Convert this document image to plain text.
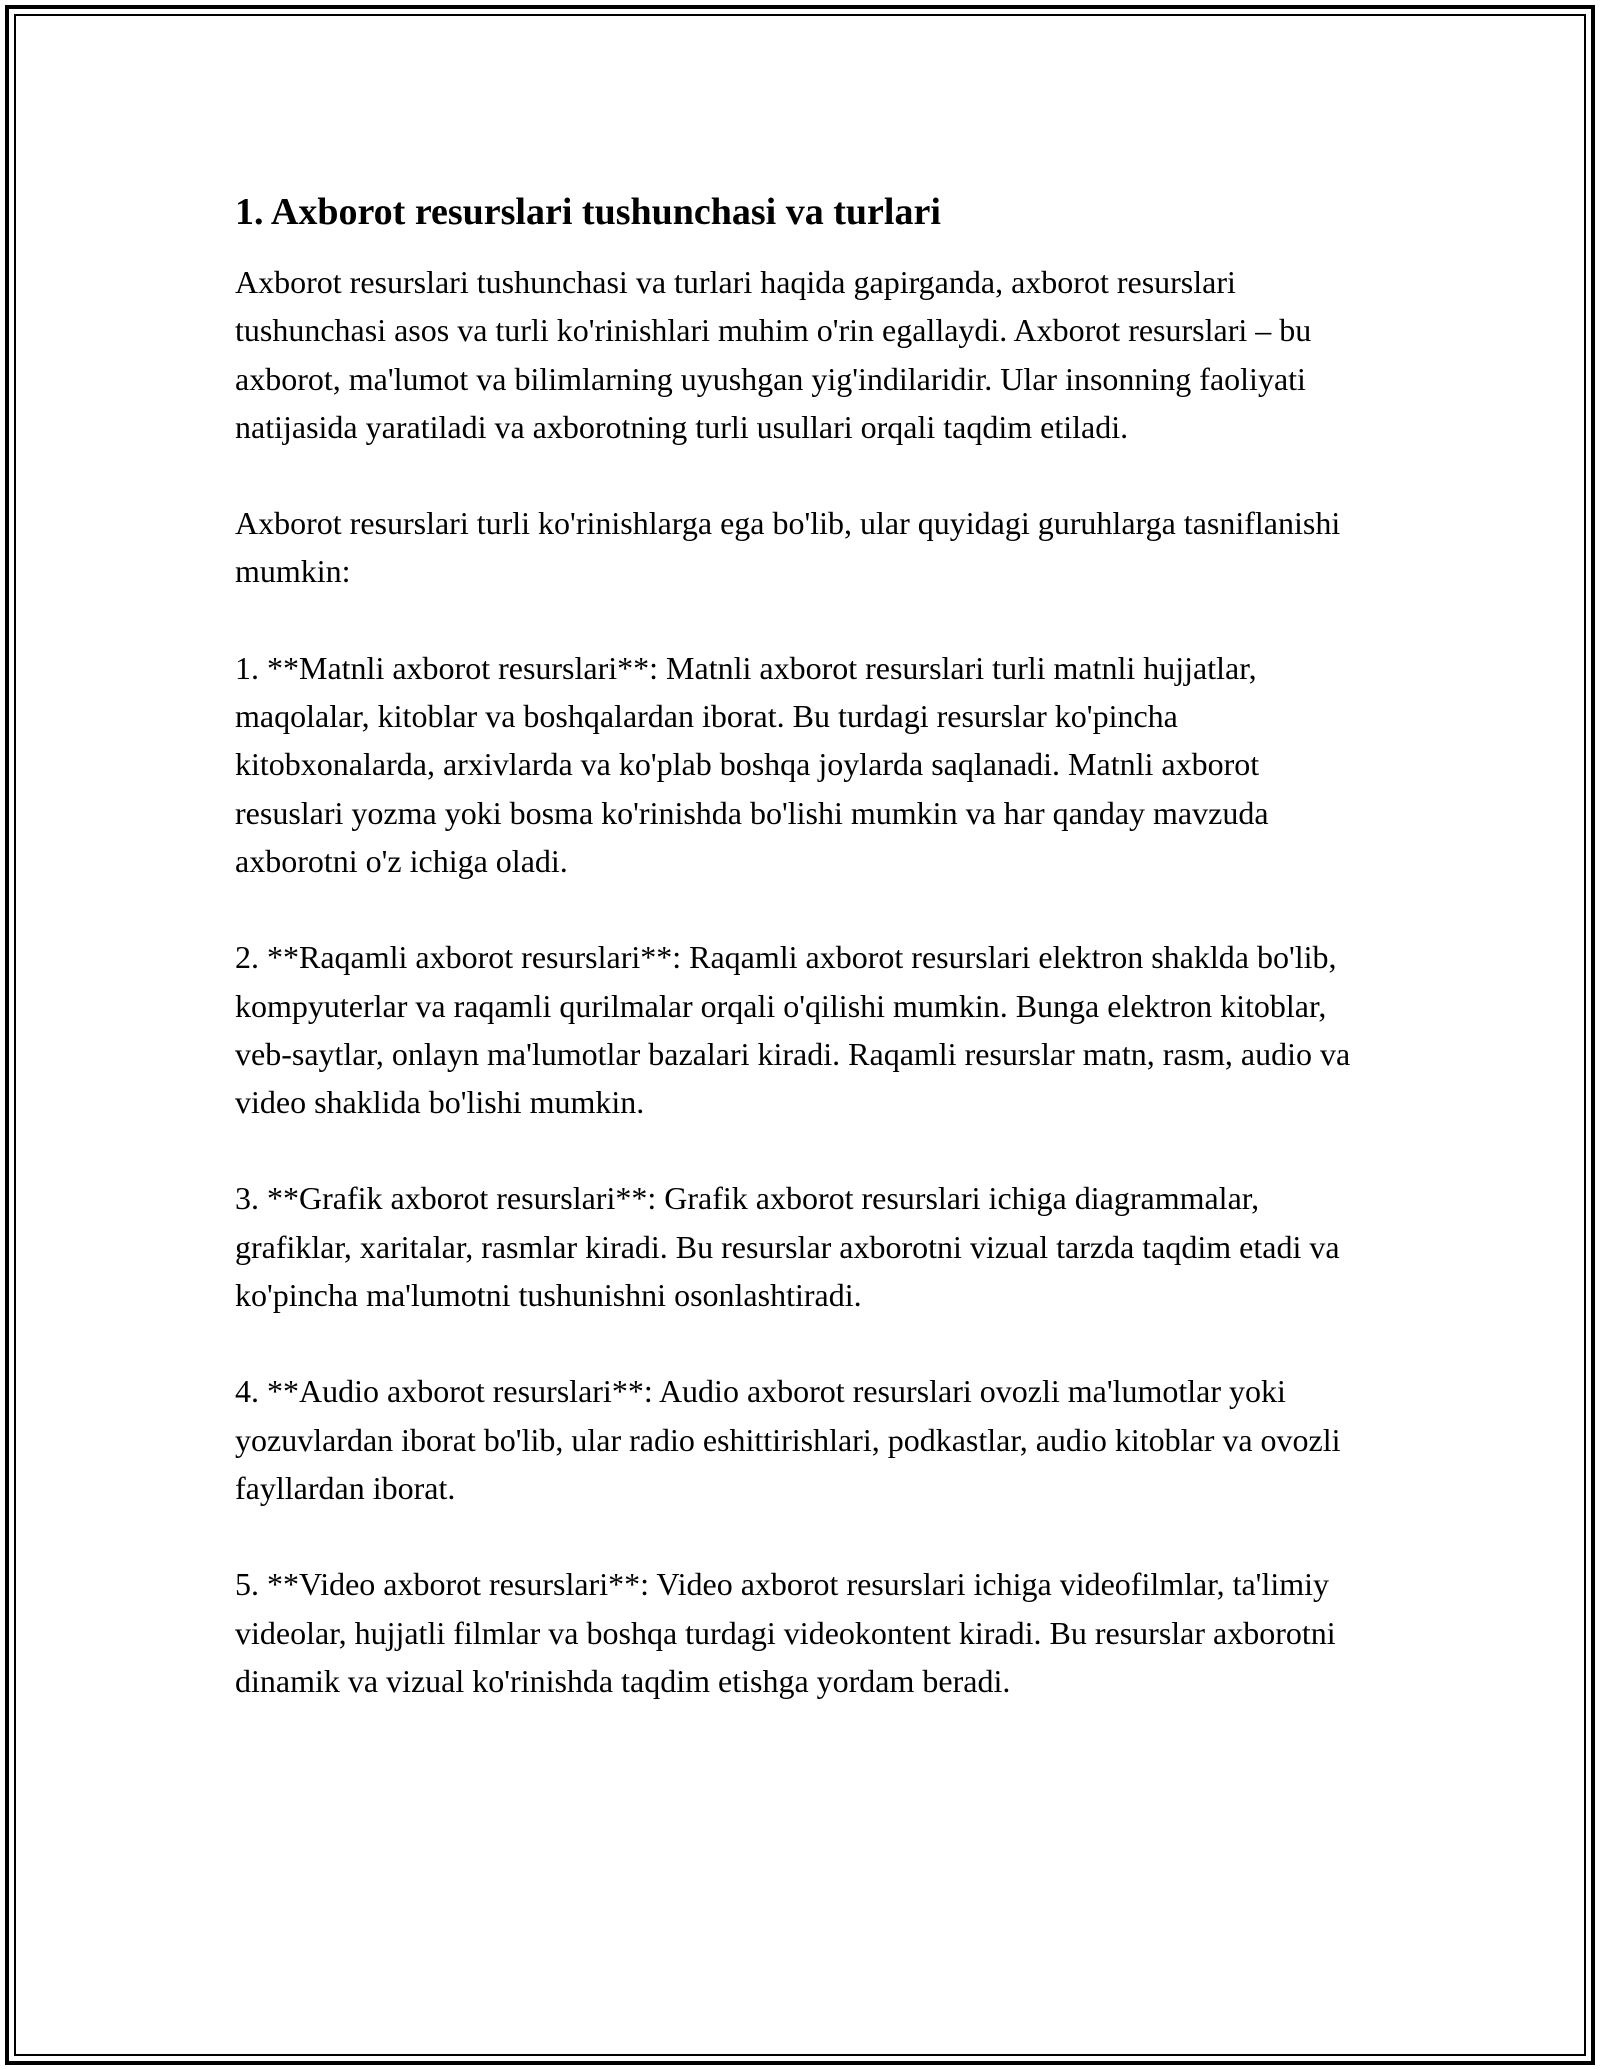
1. Axborot resurslari tushunchasi va turlari

Axborot resurslari tushunchasi va turlari haqida gapirganda, axborot resurslari tushunchasi asos va turli ko'rinishlari muhim o'rin egallaydi. Axborot resurslari – bu axborot, ma'lumot va bilimlarning uyushgan yig'indilaridir. Ular insonning faoliyati natijasida yaratiladi va axborotning turli usullari orqali taqdim etiladi.

Axborot resurslari turli ko'rinishlarga ega bo'lib, ular quyidagi guruhlarga tasniflanishi mumkin:

1. **Matnli axborot resurslari**: Matnli axborot resurslari turli matnli hujjatlar, maqolalar, kitoblar va boshqalardan iborat. Bu turdagi resurslar ko'pincha kitobxonalarda, arxivlarda va ko'plab boshqa joylarda saqlanadi. Matnli axborot resuslari yozma yoki bosma ko'rinishda bo'lishi mumkin va har qanday mavzuda axborotni o'z ichiga oladi.

2. **Raqamli axborot resurslari**: Raqamli axborot resurslari elektron shaklda bo'lib, kompyuterlar va raqamli qurilmalar orqali o'qilishi mumkin. Bunga elektron kitoblar, veb-saytlar, onlayn ma'lumotlar bazalari kiradi. Raqamli resurslar matn, rasm, audio va video shaklida bo'lishi mumkin.

3. **Grafik axborot resurslari**: Grafik axborot resurslari ichiga diagrammalar, grafiklar, xaritalar, rasmlar kiradi. Bu resurslar axborotni vizual tarzda taqdim etadi va ko'pincha ma'lumotni tushunishni osonlashtiradi.

4. **Audio axborot resurslari**: Audio axborot resurslari ovozli ma'lumotlar yoki yozuvlardan iborat bo'lib, ular radio eshittirishlari, podkastlar, audio kitoblar va ovozli fayllardan iborat.

5. **Video axborot resurslari**: Video axborot resurslari ichiga videofilmlar, ta'limiy videolar, hujjatli filmlar va boshqa turdagi videokontent kiradi. Bu resurslar axborotni dinamik va vizual ko'rinishda taqdim etishga yordam beradi.
